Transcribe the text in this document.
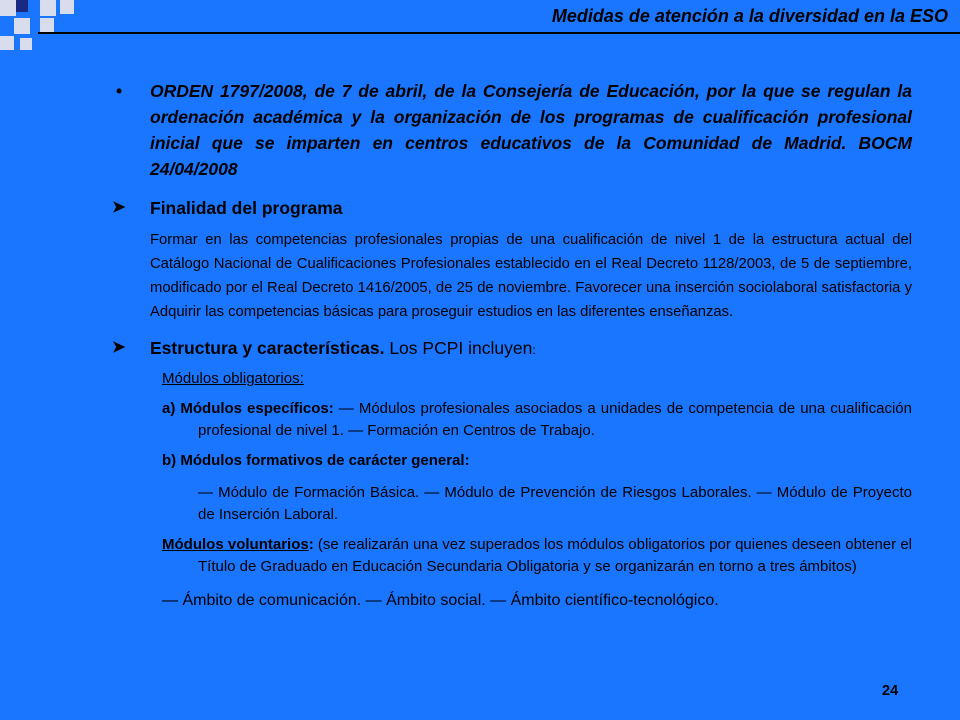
Medidas de atención a la diversidad en la ESO
• ORDEN 1797/2008, de 7 de abril, de la Consejería de Educación, por la que se regulan la ordenación académica y la organización de los programas de cualificación profesional inicial que se imparten en centros educativos de la Comunidad de Madrid. BOCM 24/04/2008
➤ Finalidad del programa
Formar en las competencias profesionales propias de una cualificación de nivel 1 de la estructura actual del Catálogo Nacional de Cualificaciones Profesionales establecido en el Real Decreto 1128/2003, de 5 de septiembre, modificado por el Real Decreto 1416/2005, de 25 de noviembre. Favorecer una inserción sociolaboral satisfactoria y Adquirir las competencias básicas para proseguir estudios en las diferentes enseñanzas.
➤ Estructura y características. Los PCPI incluyen:
Módulos obligatorios:
a) Módulos específicos: — Módulos profesionales asociados a unidades de competencia de una cualificación profesional de nivel 1. — Formación en Centros de Trabajo.
b) Módulos formativos de carácter general:
— Módulo de Formación Básica. — Módulo de Prevención de Riesgos Laborales. — Módulo de Proyecto de Inserción Laboral.
Módulos voluntarios: (se realizarán una vez superados los módulos obligatorios por quienes deseen obtener el Título de Graduado en Educación Secundaria Obligatoria y se organizarán en torno a tres ámbitos)
— Ámbito de comunicación. — Ámbito social. — Ámbito científico-tecnológico.
24
